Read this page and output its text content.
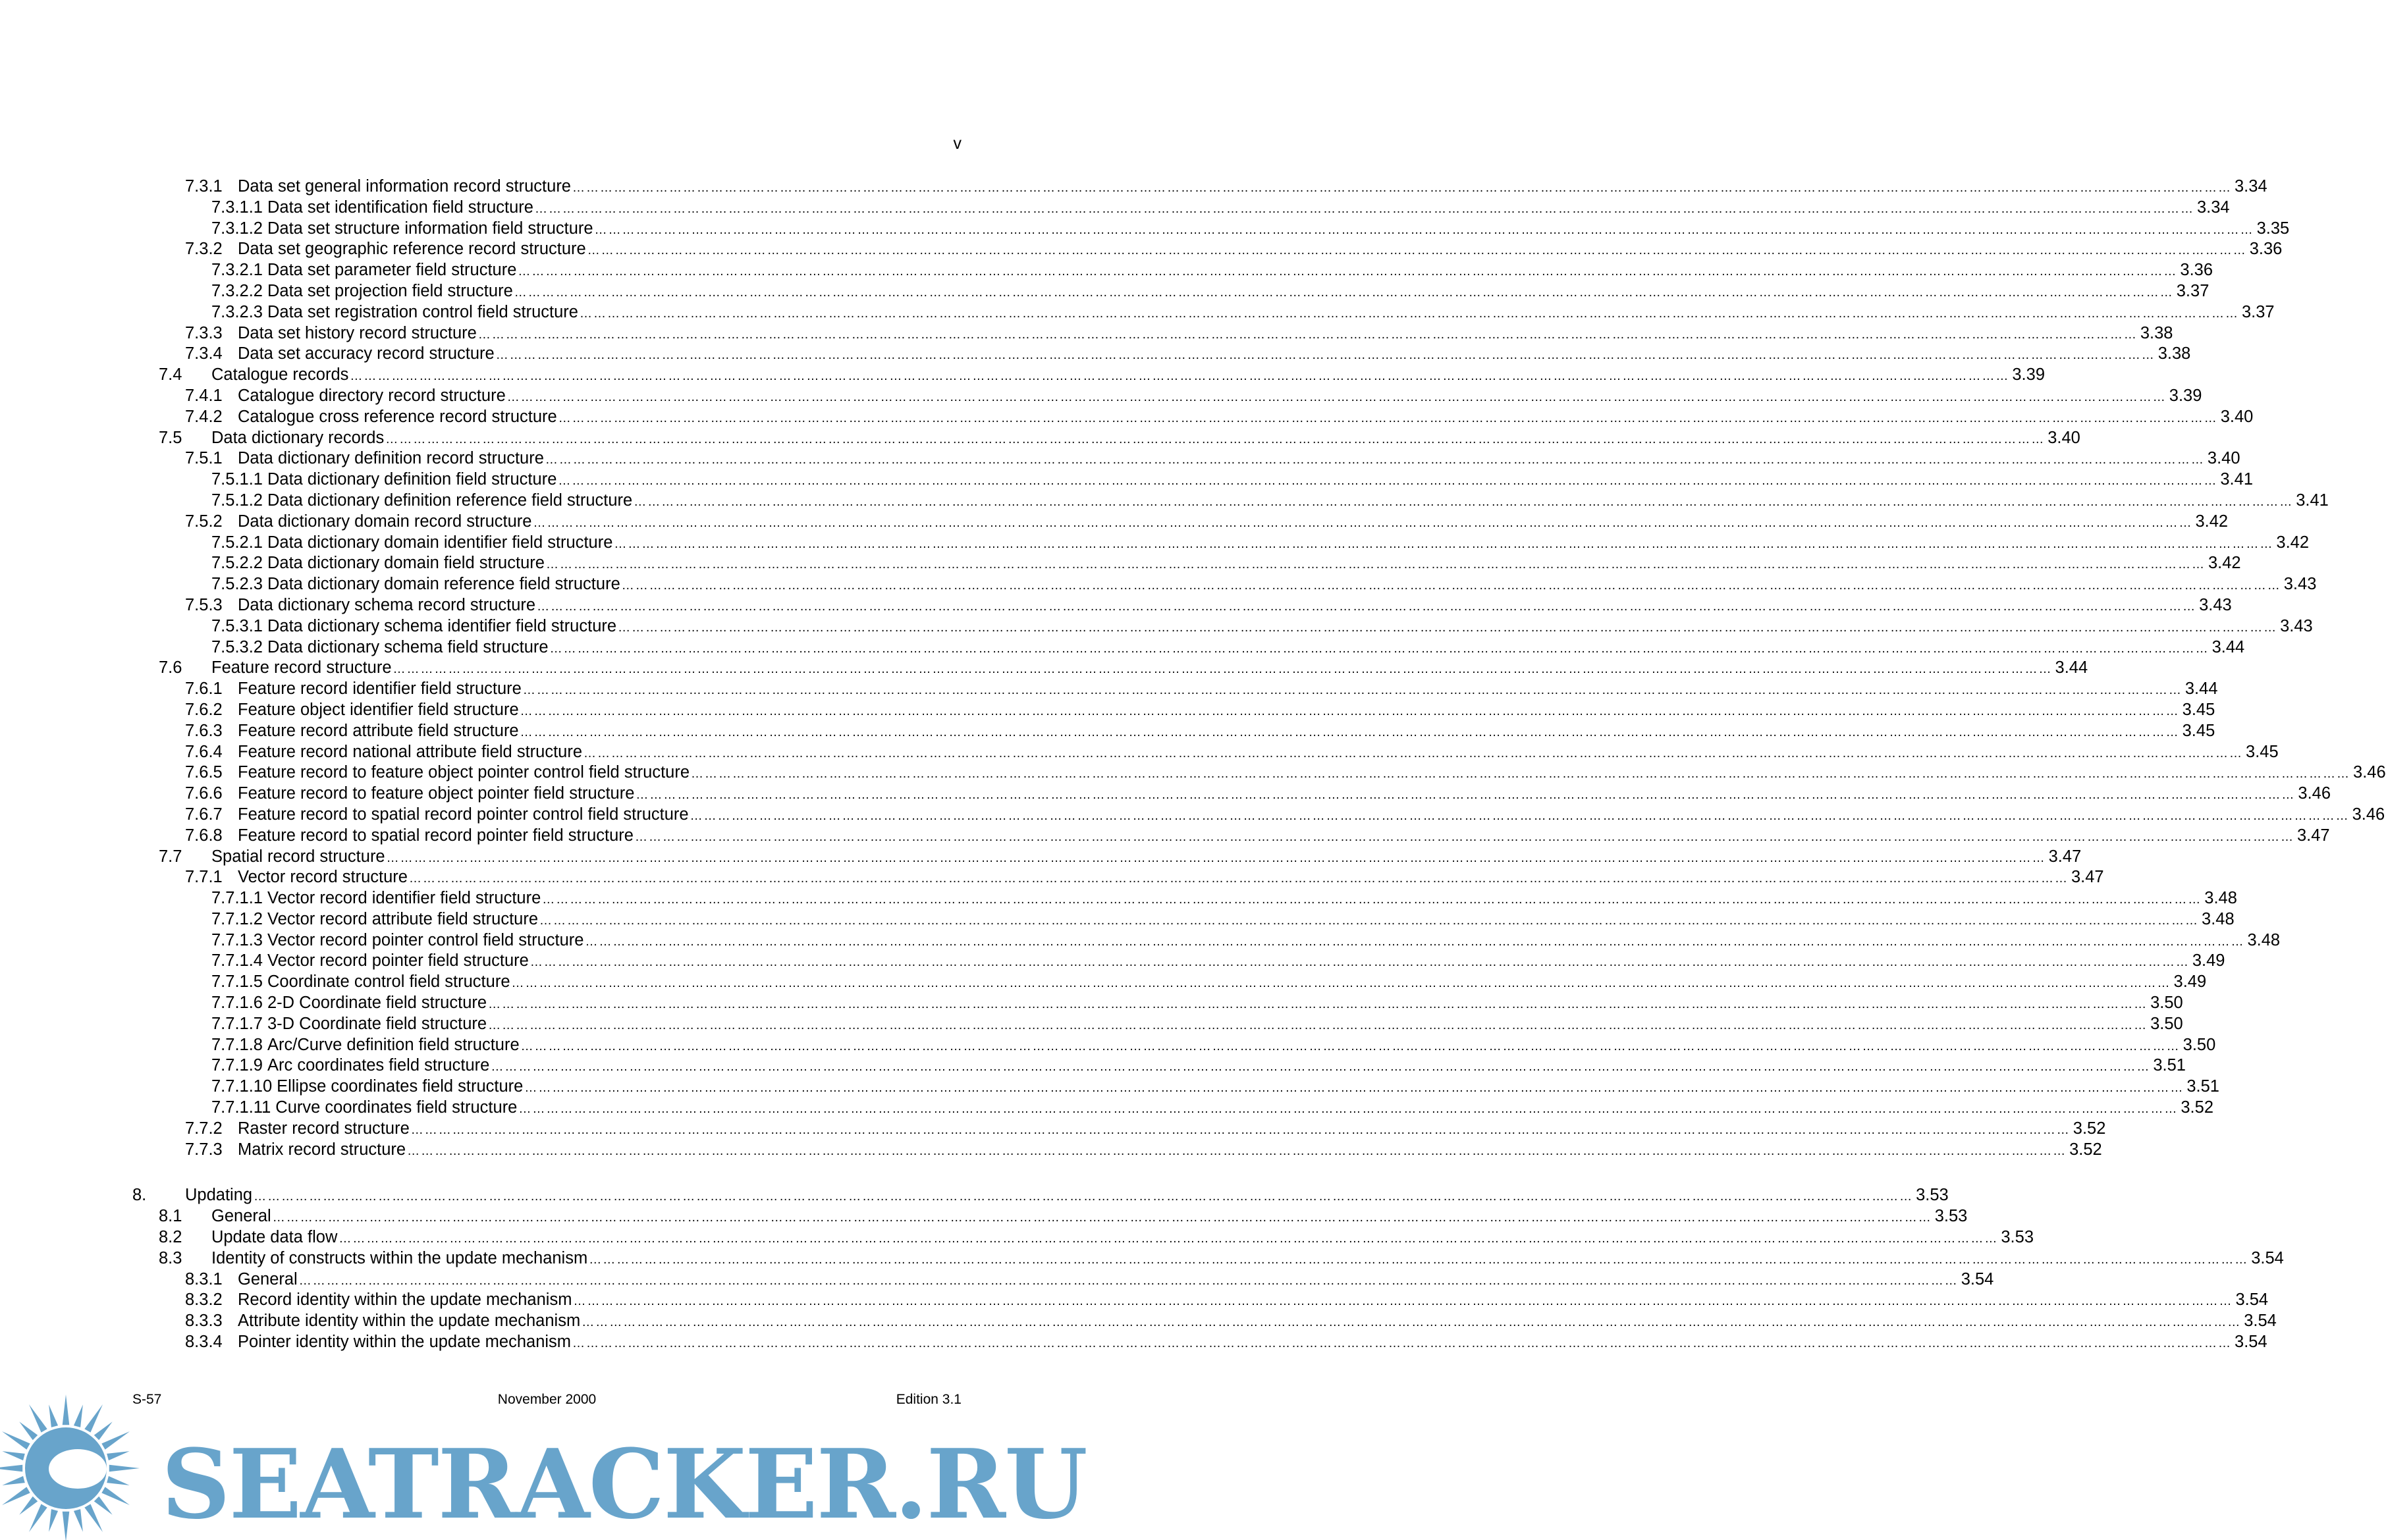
v
7.3.1 Data set general information record structure ……………………………………………………………………………………………………………………………………………………………………………………………………………………………………………………………………………………………………………………………… 3.34
7.3.1.1 Data set identification field structure ……………………………………………………………………………………………………………………………………………………………………………………………………………………………………………………………………………………………………………………………… 3.34
7.3.1.2 Data set structure information field structure ……………………………………………………………………………………………………………………………………………………………………………………………………………………………………………………………………………………………………………………………… 3.35
7.3.2 Data set geographic reference record structure ……………………………………………………………………………………………………………………………………………………………………………………………………………………………………………………………………………………………………………………………… 3.36
7.3.2.1 Data set parameter field structure ……………………………………………………………………………………………………………………………………………………………………………………………………………………………………………………………………………………………………………………………… 3.36
7.3.2.2 Data set projection field structure ……………………………………………………………………………………………………………………………………………………………………………………………………………………………………………………………………………………………………………………………… 3.37
7.3.2.3 Data set registration control field structure ……………………………………………………………………………………………………………………………………………………………………………………………………………………………………………………………………………………………………………………………… 3.37
7.3.3 Data set history record structure ……………………………………………………………………………………………………………………………………………………………………………………………………………………………………………………………………………………………………………………………… 3.38
7.3.4 Data set accuracy record structure ……………………………………………………………………………………………………………………………………………………………………………………………………………………………………………………………………………………………………………………………… 3.38
7.4 Catalogue records ……………………………………………………………………………………………………………………………………………………………………………………………………………………………………………………………………………………………………………………………… 3.39
7.4.1 Catalogue directory record structure ……………………………………………………………………………………………………………………………………………………………………………………………………………………………………………………………………………………………………………………………… 3.39
7.4.2 Catalogue cross reference record structure ……………………………………………………………………………………………………………………………………………………………………………………………………………………………………………………………………………………………………………………………… 3.40
7.5 Data dictionary records ……………………………………………………………………………………………………………………………………………………………………………………………………………………………………………………………………………………………………………………………… 3.40
7.5.1 Data dictionary definition record structure ……………………………………………………………………………………………………………………………………………………………………………………………………………………………………………………………………………………………………………………………… 3.40
7.5.1.1 Data dictionary definition field structure ……………………………………………………………………………………………………………………………………………………………………………………………………………………………………………………………………………………………………………………………… 3.41
7.5.1.2 Data dictionary definition reference field structure ……………………………………………………………………………………………………………………………………………………………………………………………………………………………………………………………………………………………………………………………… 3.41
7.5.2 Data dictionary domain record structure ……………………………………………………………………………………………………………………………………………………………………………………………………………………………………………………………………………………………………………………………… 3.42
7.5.2.1 Data dictionary domain identifier field structure ……………………………………………………………………………………………………………………………………………………………………………………………………………………………………………………………………………………………………………………………… 3.42
7.5.2.2 Data dictionary domain field structure ……………………………………………………………………………………………………………………………………………………………………………………………………………………………………………………………………………………………………………………………… 3.42
7.5.2.3 Data dictionary domain reference field structure ……………………………………………………………………………………………………………………………………………………………………………………………………………………………………………………………………………………………………………………………… 3.43
7.5.3 Data dictionary schema record structure ……………………………………………………………………………………………………………………………………………………………………………………………………………………………………………………………………………………………………………………………… 3.43
7.5.3.1 Data dictionary schema identifier field structure ……………………………………………………………………………………………………………………………………………………………………………………………………………………………………………………………………………………………………………………………… 3.43
7.5.3.2 Data dictionary schema field structure ……………………………………………………………………………………………………………………………………………………………………………………………………………………………………………………………………………………………………………………………… 3.44
7.6 Feature record structure ……………………………………………………………………………………………………………………………………………………………………………………………………………………………………………………………………………………………………………………………… 3.44
7.6.1 Feature record identifier field structure ……………………………………………………………………………………………………………………………………………………………………………………………………………………………………………………………………………………………………………………………… 3.44
7.6.2 Feature object identifier field structure ……………………………………………………………………………………………………………………………………………………………………………………………………………………………………………………………………………………………………………………………… 3.45
7.6.3 Feature record attribute field structure ……………………………………………………………………………………………………………………………………………………………………………………………………………………………………………………………………………………………………………………………… 3.45
7.6.4 Feature record national attribute field structure ……………………………………………………………………………………………………………………………………………………………………………………………………………………………………………………………………………………………………………………………… 3.45
7.6.5 Feature record to feature object pointer control field structure ……………………………………………………………………………………………………………………………………………………………………………………………………………………………………………………………………………………………………………………………… 3.46
7.6.6 Feature record to feature object pointer field structure ……………………………………………………………………………………………………………………………………………………………………………………………………………………………………………………………………………………………………………………………… 3.46
7.6.7 Feature record to spatial record pointer control field structure ……………………………………………………………………………………………………………………………………………………………………………………………………………………………………………………………………………………………………………………………… 3.46
7.6.8 Feature record to spatial record pointer field structure ……………………………………………………………………………………………………………………………………………………………………………………………………………………………………………………………………………………………………………………………… 3.47
7.7 Spatial record structure ……………………………………………………………………………………………………………………………………………………………………………………………………………………………………………………………………………………………………………………………… 3.47
7.7.1 Vector record structure ……………………………………………………………………………………………………………………………………………………………………………………………………………………………………………………………………………………………………………………………… 3.47
7.7.1.1 Vector record identifier field structure ……………………………………………………………………………………………………………………………………………………………………………………………………………………………………………………………………………………………………………………………… 3.48
7.7.1.2 Vector record attribute field structure ……………………………………………………………………………………………………………………………………………………………………………………………………………………………………………………………………………………………………………………………… 3.48
7.7.1.3 Vector record pointer control field structure ……………………………………………………………………………………………………………………………………………………………………………………………………………………………………………………………………………………………………………………………… 3.48
7.7.1.4 Vector record pointer field structure ……………………………………………………………………………………………………………………………………………………………………………………………………………………………………………………………………………………………………………………………… 3.49
7.7.1.5 Coordinate control field structure ……………………………………………………………………………………………………………………………………………………………………………………………………………………………………………………………………………………………………………………………… 3.49
7.7.1.6 2-D Coordinate field structure ……………………………………………………………………………………………………………………………………………………………………………………………………………………………………………………………………………………………………………………………… 3.50
7.7.1.7 3-D Coordinate field structure ……………………………………………………………………………………………………………………………………………………………………………………………………………………………………………………………………………………………………………………………… 3.50
7.7.1.8 Arc/Curve definition field structure ……………………………………………………………………………………………………………………………………………………………………………………………………………………………………………………………………………………………………………………………… 3.50
7.7.1.9 Arc coordinates field structure ……………………………………………………………………………………………………………………………………………………………………………………………………………………………………………………………………………………………………………………………… 3.51
7.7.1.10 Ellipse coordinates field structure ……………………………………………………………………………………………………………………………………………………………………………………………………………………………………………………………………………………………………………………………… 3.51
7.7.1.11 Curve coordinates field structure ……………………………………………………………………………………………………………………………………………………………………………………………………………………………………………………………………………………………………………………………… 3.52
7.7.2 Raster record structure ……………………………………………………………………………………………………………………………………………………………………………………………………………………………………………………………………………………………………………………………… 3.52
7.7.3 Matrix record structure ……………………………………………………………………………………………………………………………………………………………………………………………………………………………………………………………………………………………………………………………… 3.52
8. Updating ……………………………………………………………………………………………………………………………………………………………………………………………………………………………………………………………………………………………………………………………… 3.53
8.1 General ……………………………………………………………………………………………………………………………………………………………………………………………………………………………………………………………………………………………………………………………… 3.53
8.2 Update data flow ……………………………………………………………………………………………………………………………………………………………………………………………………………………………………………………………………………………………………………………………… 3.53
8.3 Identity of constructs within the update mechanism ……………………………………………………………………………………………………………………………………………………………………………………………………………………………………………………………………………………………………………………………… 3.54
8.3.1 General ……………………………………………………………………………………………………………………………………………………………………………………………………………………………………………………………………………………………………………………………… 3.54
8.3.2 Record identity within the update mechanism ……………………………………………………………………………………………………………………………………………………………………………………………………………………………………………………………………………………………………………………………… 3.54
8.3.3 Attribute identity within the update mechanism ……………………………………………………………………………………………………………………………………………………………………………………………………………………………………………………………………………………………………………………………… 3.54
8.3.4 Pointer identity within the update mechanism ……………………………………………………………………………………………………………………………………………………………………………………………………………………………………………………………………………………………………………………………… 3.54
S-57	November 2000	Edition 3.1
SEATRACKER.RU
